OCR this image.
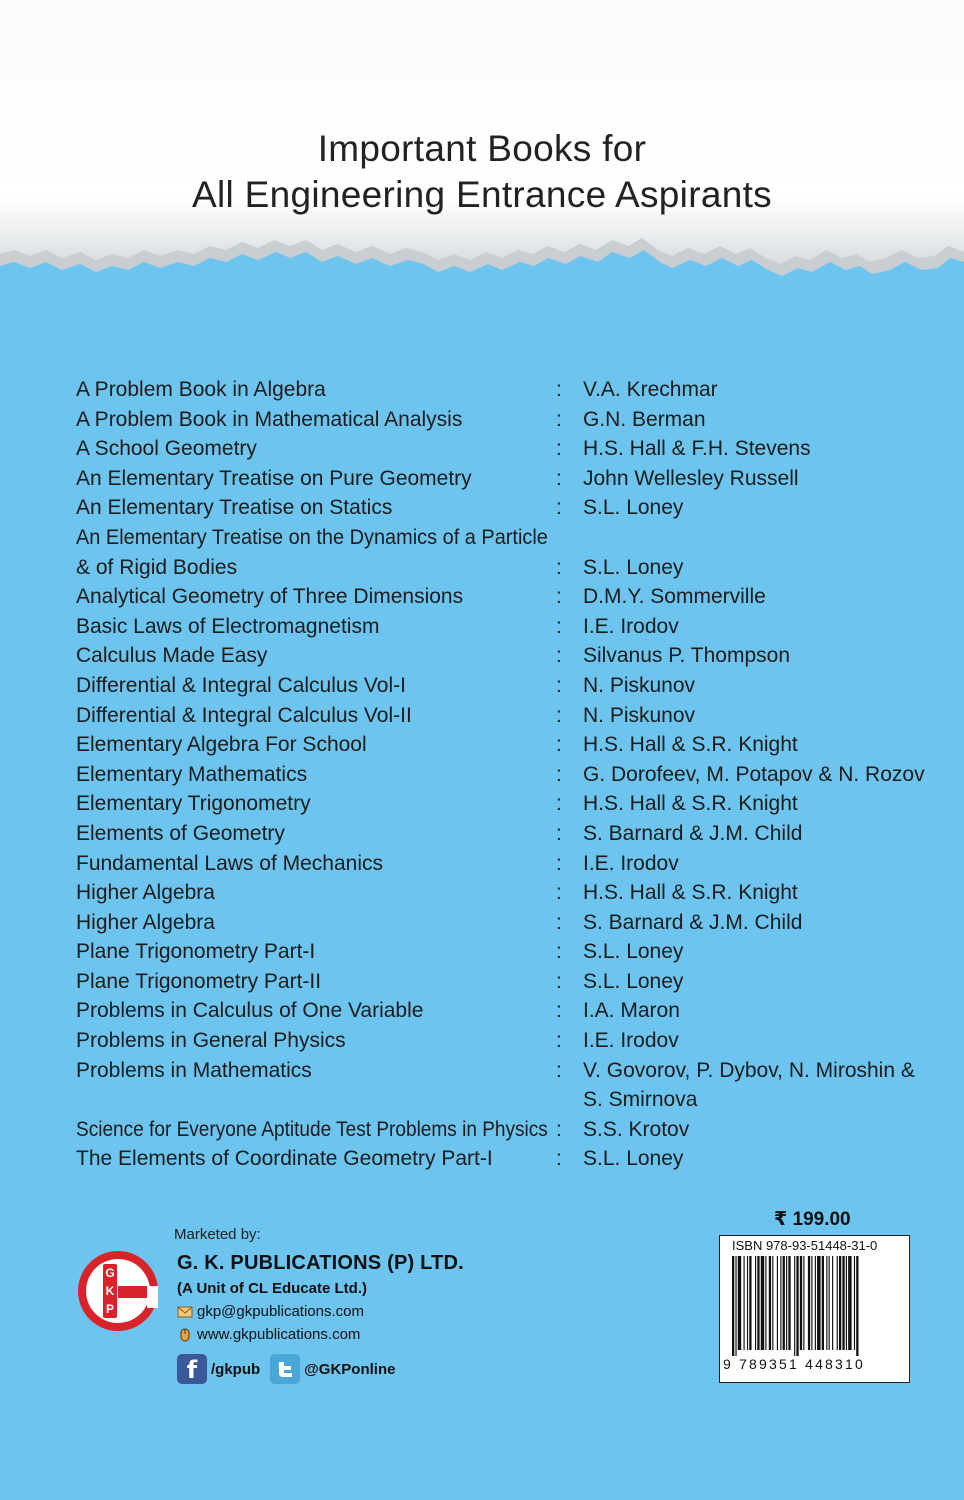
Important Books for
All Engineering Entrance Aspirants
A Problem Book in Algebra	: V.A. Krechmar
A Problem Book in Mathematical Analysis	: G.N. Berman
A School Geometry	: H.S. Hall & F.H. Stevens
An Elementary Treatise on Pure Geometry	: John Wellesley Russell
An Elementary Treatise on Statics	: S.L. Loney
An Elementary Treatise on the Dynamics of a Particle
& of Rigid Bodies	: S.L. Loney
Analytical Geometry of Three Dimensions	: D.M.Y. Sommerville
Basic Laws of Electromagnetism	: I.E. Irodov
Calculus Made Easy	: Silvanus P. Thompson
Differential & Integral Calculus Vol-I	: N. Piskunov
Differential & Integral Calculus Vol-II	: N. Piskunov
Elementary Algebra For School	: H.S. Hall & S.R. Knight
Elementary Mathematics	: G. Dorofeev, M. Potapov & N. Rozov
Elementary Trigonometry	: H.S. Hall & S.R. Knight
Elements of Geometry	: S. Barnard & J.M. Child
Fundamental Laws of Mechanics	: I.E. Irodov
Higher Algebra	: H.S. Hall & S.R. Knight
Higher Algebra	: S. Barnard & J.M. Child
Plane Trigonometry Part-I	: S.L. Loney
Plane Trigonometry Part-II	: S.L. Loney
Problems in Calculus of One Variable	: I.A. Maron
Problems in General Physics	: I.E. Irodov
Problems in Mathematics	: V. Govorov, P. Dybov, N. Miroshin &
S. Smirnova
Science for Everyone Aptitude Test Problems in Physics : S.S. Krotov
The Elements of Coordinate Geometry Part-I	: S.L. Loney
G
K
P
Marketed by:
G. K. PUBLICATIONS (P) LTD.
(A Unit of CL Educate Ltd.)
gkp@gkpublications.com
www.gkpublications.com
f /gkpub	@GKPonline
₹ 199.00
ISBN 978-93-51448-31-0
9 789351 448310
